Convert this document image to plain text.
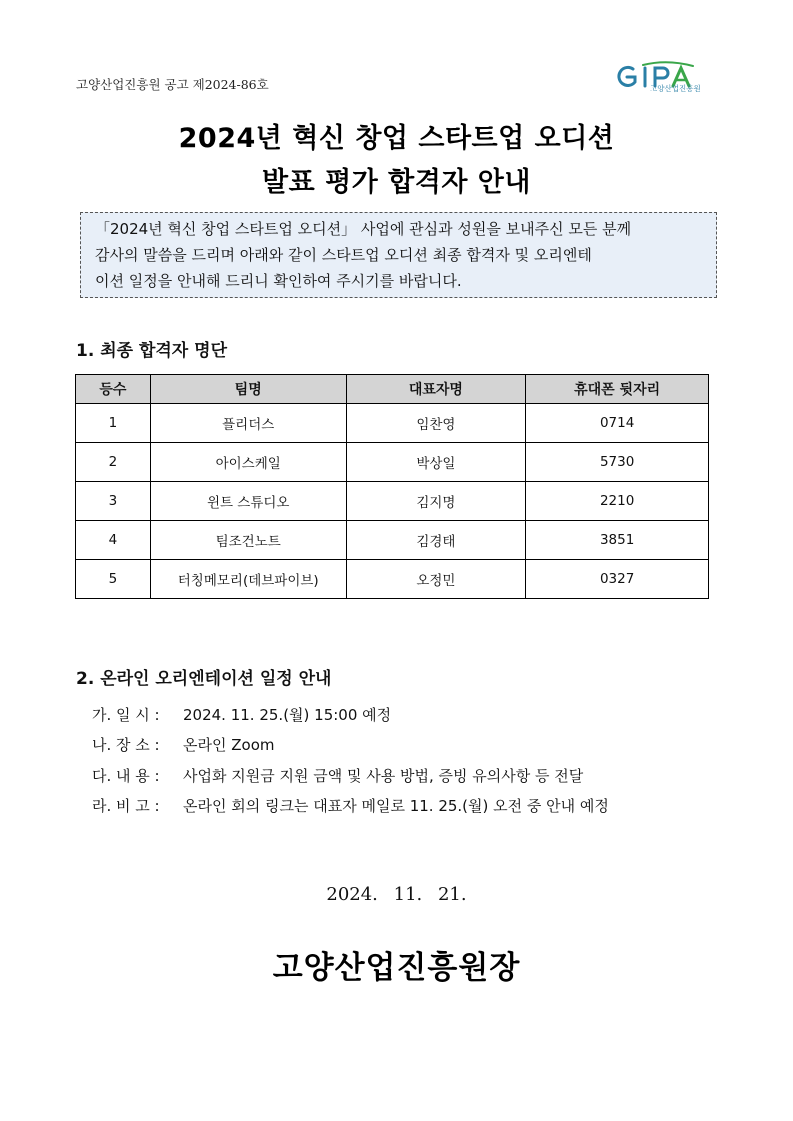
고양산업진흥원 공고 제2024-86호	고양산업진흥원
2024년 혁신 창업 스타트업 오디션
발표 평가 합격자 안내
「2024년 혁신 창업 스타트업 오디션」 사업에 관심과 성원을 보내주신 모든 분께
감사의 말씀을 드리며 아래와 같이 스타트업 오디션 최종 합격자 및 오리엔테
이션 일정을 안내해 드리니 확인하여 주시기를 바랍니다.
1. 최종 합격자 명단
등수	팀명	대표자명	휴대폰 뒷자리
1	플리더스	임찬영	0714
2	아이스케일	박상일	5730
3	윈트 스튜디오	김지명	2210
4	팀조건노트	김경태	3851
5	터칭메모리(데브파이브)	오정민	0327
2. 온라인 오리엔테이션 일정 안내
가. 일 시 : 2024. 11. 25.(월) 15:00 예정
나. 장 소 : 온라인 Zoom
다. 내 용 : 사업화 지원금 지원 금액 및 사용 방법, 증빙 유의사항 등 전달
라. 비 고 : 온라인 회의 링크는 대표자 메일로 11. 25.(월) 오전 중 안내 예정
2024. 11. 21.
고양산업진흥원장
